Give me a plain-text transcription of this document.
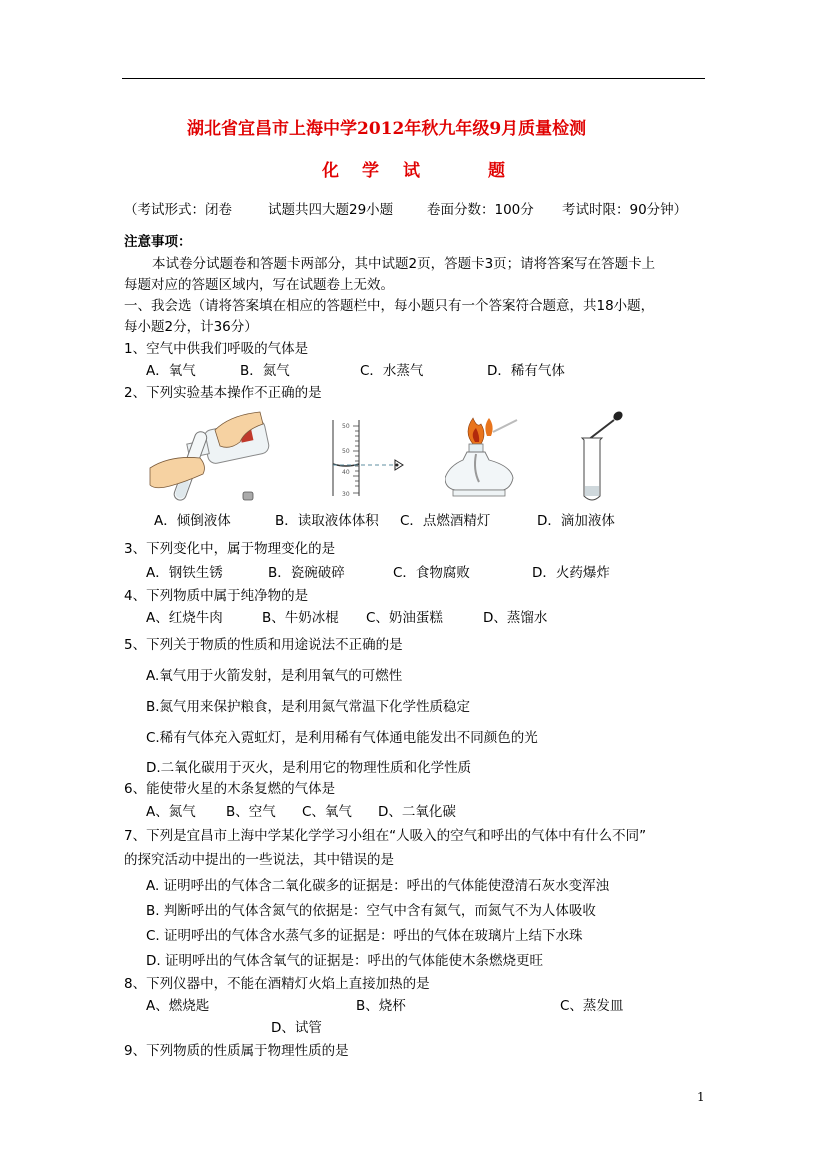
湖北省宜昌市上海中学2012年秋九年级9月质量检测
化 学 试	题
（考试形式：闭卷	试题共四大题29小题	卷面分数：100分 考试时限：90分钟）
注意事项：
本试卷分试题卷和答题卡两部分，其中试题2页，答题卡3页；请将答案写在答题卡上
每题对应的答题区域内，写在试题卷上无效。
一、我会选（请将答案填在相应的答题栏中，每小题只有一个答案符合题意，共18小题，
每小题2分，计36分）
1、空气中供我们呼吸的气体是
A．氧气	B．氮气	C．水蒸气	D．稀有气体
2、下列实验基本操作不正确的是
50
50
40
30
A．倾倒液体	B．读取液体体积 C．点燃酒精灯	D．滴加液体
3、下列变化中，属于物理变化的是
A．钢铁生锈	B．瓷碗破碎	C．食物腐败	D．火药爆炸
4、下列物质中属于纯净物的是
A、红烧牛肉	B、牛奶冰棍 C、奶油蛋糕	D、蒸馏水
5、下列关于物质的性质和用途说法不正确的是
A.氧气用于火箭发射，是利用氧气的可燃性
B.氮气用来保护粮食，是利用氮气常温下化学性质稳定
C.稀有气体充入霓虹灯，是利用稀有气体通电能发出不同颜色的光
D.二氧化碳用于灭火，是利用它的物理性质和化学性质
6、能使带火星的木条复燃的气体是
A、氮气 B、空气 C、氧气 D、二氧化碳
7、下列是宜昌市上海中学某化学学习小组在“人吸入的空气和呼出的气体中有什么不同”
的探究活动中提出的一些说法，其中错误的是
A. 证明呼出的气体含二氧化碳多的证据是：呼出的气体能使澄清石灰水变浑浊
B. 判断呼出的气体含氮气的依据是：空气中含有氮气，而氮气不为人体吸收
C. 证明呼出的气体含水蒸气多的证据是：呼出的气体在玻璃片上结下水珠
D. 证明呼出的气体含氧气的证据是：呼出的气体能使木条燃烧更旺
8、下列仪器中，不能在酒精灯火焰上直接加热的是
A、燃烧匙	B、烧杯	C、蒸发皿
D、试管
9、下列物质的性质属于物理性质的是
1
